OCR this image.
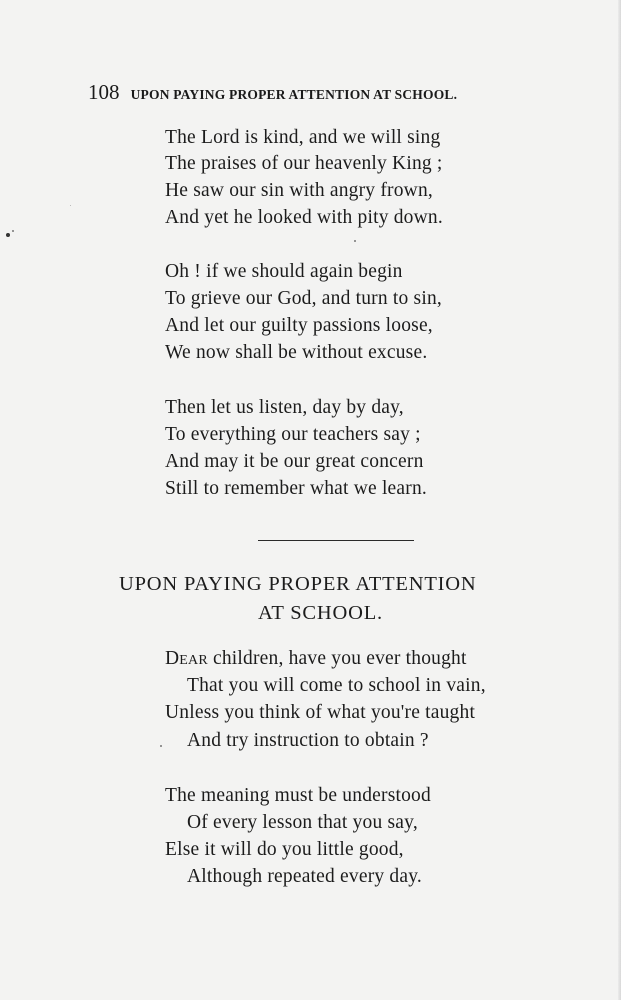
108 UPON PAYING PROPER ATTENTION AT SCHOOL.
The Lord is kind, and we will sing
The praises of our heavenly King ;
He saw our sin with angry frown,
And yet he looked with pity down.
Oh ! if we should again begin
To grieve our God, and turn to sin,
And let our guilty passions loose,
We now shall be without excuse.
Then let us listen, day by day,
To everything our teachers say ;
And may it be our great concern
Still to remember what we learn.
UPON PAYING PROPER ATTENTION
AT SCHOOL.
Dear children, have you ever thought
That you will come to school in vain,
Unless you think of what you're taught
And try instruction to obtain ?
The meaning must be understood
Of every lesson that you say,
Else it will do you little good,
Although repeated every day.
